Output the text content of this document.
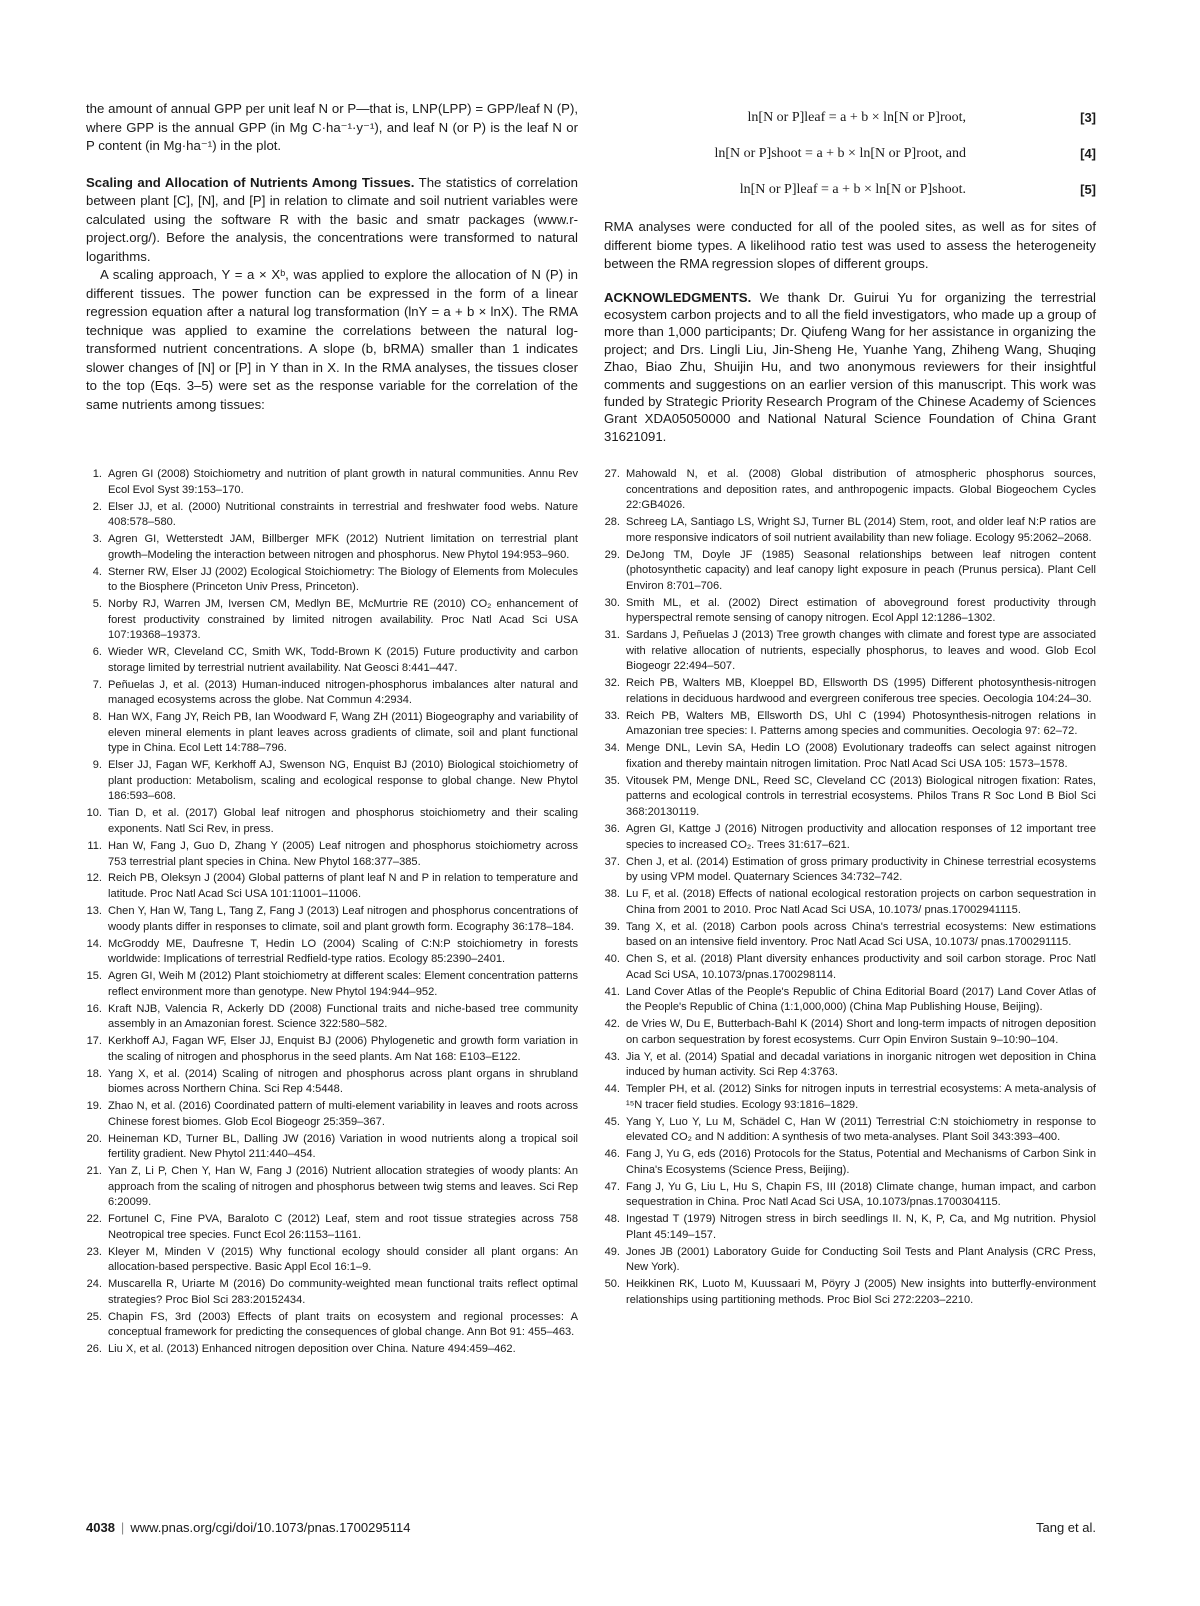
the amount of annual GPP per unit leaf N or P—that is, LNP(LPP) = GPP/leaf N (P), where GPP is the annual GPP (in Mg C·ha⁻¹·y⁻¹), and leaf N (or P) is the leaf N or P content (in Mg·ha⁻¹) in the plot.

Scaling and Allocation of Nutrients Among Tissues. The statistics of correlation between plant [C], [N], and [P] in relation to climate and soil nutrient variables were calculated using the software R with the basic and smatr packages (www.r-project.org/). Before the analysis, the concentrations were transformed to natural logarithms.

A scaling approach, Y = a × Xᵇ, was applied to explore the allocation of N (P) in different tissues. The power function can be expressed in the form of a linear regression equation after a natural log transformation (lnY = a + b × lnX). The RMA technique was applied to examine the correlations between the natural log-transformed nutrient concentrations. A slope (b, bRMA) smaller than 1 indicates slower changes of [N] or [P] in Y than in X. In the RMA analyses, the tissues closer to the top (Eqs. 3–5) were set as the response variable for the correlation of the same nutrients among tissues:

ln[N or P]leaf = a + b × ln[N or P]root,	[3]
ln[N or P]shoot = a + b × ln[N or P]root, and	[4]
ln[N or P]leaf = a + b × ln[N or P]shoot.	[5]

RMA analyses were conducted for all of the pooled sites, as well as for sites of different biome types. A likelihood ratio test was used to assess the heterogeneity between the RMA regression slopes of different groups.

ACKNOWLEDGMENTS. We thank Dr. Guirui Yu for organizing the terrestrial ecosystem carbon projects and to all the field investigators, who made up a group of more than 1,000 participants; Dr. Qiufeng Wang for her assistance in organizing the project; and Drs. Lingli Liu, Jin-Sheng He, Yuanhe Yang, Zhiheng Wang, Shuqing Zhao, Biao Zhu, Shuijin Hu, and two anonymous reviewers for their insightful comments and suggestions on an earlier version of this manuscript. This work was funded by Strategic Priority Research Program of the Chinese Academy of Sciences Grant XDA05050000 and National Natural Science Foundation of China Grant 31621091.

1. Agren GI (2008) Stoichiometry and nutrition of plant growth in natural communities. Annu Rev Ecol Evol Syst 39:153–170.
2. Elser JJ, et al. (2000) Nutritional constraints in terrestrial and freshwater food webs. Nature 408:578–580.
3. Agren GI, Wetterstedt JAM, Billberger MFK (2012) Nutrient limitation on terrestrial plant growth–Modeling the interaction between nitrogen and phosphorus. New Phytol 194:953–960.
4. Sterner RW, Elser JJ (2002) Ecological Stoichiometry: The Biology of Elements from Molecules to the Biosphere (Princeton Univ Press, Princeton).
5. Norby RJ, Warren JM, Iversen CM, Medlyn BE, McMurtrie RE (2010) CO₂ enhancement of forest productivity constrained by limited nitrogen availability. Proc Natl Acad Sci USA 107:19368–19373.
6. Wieder WR, Cleveland CC, Smith WK, Todd-Brown K (2015) Future productivity and carbon storage limited by terrestrial nutrient availability. Nat Geosci 8:441–447.
7. Peñuelas J, et al. (2013) Human-induced nitrogen-phosphorus imbalances alter natural and managed ecosystems across the globe. Nat Commun 4:2934.
8. Han WX, Fang JY, Reich PB, Ian Woodward F, Wang ZH (2011) Biogeography and variability of eleven mineral elements in plant leaves across gradients of climate, soil and plant functional type in China. Ecol Lett 14:788–796.
9. Elser JJ, Fagan WF, Kerkhoff AJ, Swenson NG, Enquist BJ (2010) Biological stoichiometry of plant production: Metabolism, scaling and ecological response to global change. New Phytol 186:593–608.
10. Tian D, et al. (2017) Global leaf nitrogen and phosphorus stoichiometry and their scaling exponents. Natl Sci Rev, in press.
11. Han W, Fang J, Guo D, Zhang Y (2005) Leaf nitrogen and phosphorus stoichiometry across 753 terrestrial plant species in China. New Phytol 168:377–385.
12. Reich PB, Oleksyn J (2004) Global patterns of plant leaf N and P in relation to temperature and latitude. Proc Natl Acad Sci USA 101:11001–11006.
13. Chen Y, Han W, Tang L, Tang Z, Fang J (2013) Leaf nitrogen and phosphorus concentrations of woody plants differ in responses to climate, soil and plant growth form. Ecography 36:178–184.
14. McGroddy ME, Daufresne T, Hedin LO (2004) Scaling of C:N:P stoichiometry in forests worldwide: Implications of terrestrial Redfield-type ratios. Ecology 85:2390–2401.
15. Agren GI, Weih M (2012) Plant stoichiometry at different scales: Element concentration patterns reflect environment more than genotype. New Phytol 194:944–952.
16. Kraft NJB, Valencia R, Ackerly DD (2008) Functional traits and niche-based tree community assembly in an Amazonian forest. Science 322:580–582.
17. Kerkhoff AJ, Fagan WF, Elser JJ, Enquist BJ (2006) Phylogenetic and growth form variation in the scaling of nitrogen and phosphorus in the seed plants. Am Nat 168: E103–E122.
18. Yang X, et al. (2014) Scaling of nitrogen and phosphorus across plant organs in shrubland biomes across Northern China. Sci Rep 4:5448.
19. Zhao N, et al. (2016) Coordinated pattern of multi-element variability in leaves and roots across Chinese forest biomes. Glob Ecol Biogeogr 25:359–367.
20. Heineman KD, Turner BL, Dalling JW (2016) Variation in wood nutrients along a tropical soil fertility gradient. New Phytol 211:440–454.
21. Yan Z, Li P, Chen Y, Han W, Fang J (2016) Nutrient allocation strategies of woody plants: An approach from the scaling of nitrogen and phosphorus between twig stems and leaves. Sci Rep 6:20099.
22. Fortunel C, Fine PVA, Baraloto C (2012) Leaf, stem and root tissue strategies across 758 Neotropical tree species. Funct Ecol 26:1153–1161.
23. Kleyer M, Minden V (2015) Why functional ecology should consider all plant organs: An allocation-based perspective. Basic Appl Ecol 16:1–9.
24. Muscarella R, Uriarte M (2016) Do community-weighted mean functional traits reflect optimal strategies? Proc Biol Sci 283:20152434.
25. Chapin FS, 3rd (2003) Effects of plant traits on ecosystem and regional processes: A conceptual framework for predicting the consequences of global change. Ann Bot 91: 455–463.
26. Liu X, et al. (2013) Enhanced nitrogen deposition over China. Nature 494:459–462.
27. Mahowald N, et al. (2008) Global distribution of atmospheric phosphorus sources, concentrations and deposition rates, and anthropogenic impacts. Global Biogeochem Cycles 22:GB4026.
28. Schreeg LA, Santiago LS, Wright SJ, Turner BL (2014) Stem, root, and older leaf N:P ratios are more responsive indicators of soil nutrient availability than new foliage. Ecology 95:2062–2068.
29. DeJong TM, Doyle JF (1985) Seasonal relationships between leaf nitrogen content (photosynthetic capacity) and leaf canopy light exposure in peach (Prunus persica). Plant Cell Environ 8:701–706.
30. Smith ML, et al. (2002) Direct estimation of aboveground forest productivity through hyperspectral remote sensing of canopy nitrogen. Ecol Appl 12:1286–1302.
31. Sardans J, Peñuelas J (2013) Tree growth changes with climate and forest type are associated with relative allocation of nutrients, especially phosphorus, to leaves and wood. Glob Ecol Biogeogr 22:494–507.
32. Reich PB, Walters MB, Kloeppel BD, Ellsworth DS (1995) Different photosynthesis-nitrogen relations in deciduous hardwood and evergreen coniferous tree species. Oecologia 104:24–30.
33. Reich PB, Walters MB, Ellsworth DS, Uhl C (1994) Photosynthesis-nitrogen relations in Amazonian tree species: I. Patterns among species and communities. Oecologia 97: 62–72.
34. Menge DNL, Levin SA, Hedin LO (2008) Evolutionary tradeoffs can select against nitrogen fixation and thereby maintain nitrogen limitation. Proc Natl Acad Sci USA 105: 1573–1578.
35. Vitousek PM, Menge DNL, Reed SC, Cleveland CC (2013) Biological nitrogen fixation: Rates, patterns and ecological controls in terrestrial ecosystems. Philos Trans R Soc Lond B Biol Sci 368:20130119.
36. Agren GI, Kattge J (2016) Nitrogen productivity and allocation responses of 12 important tree species to increased CO₂. Trees 31:617–621.
37. Chen J, et al. (2014) Estimation of gross primary productivity in Chinese terrestrial ecosystems by using VPM model. Quaternary Sciences 34:732–742.
38. Lu F, et al. (2018) Effects of national ecological restoration projects on carbon sequestration in China from 2001 to 2010. Proc Natl Acad Sci USA, 10.1073/ pnas.17002941115.
39. Tang X, et al. (2018) Carbon pools across China's terrestrial ecosystems: New estimations based on an intensive field inventory. Proc Natl Acad Sci USA, 10.1073/ pnas.1700291115.
40. Chen S, et al. (2018) Plant diversity enhances productivity and soil carbon storage. Proc Natl Acad Sci USA, 10.1073/pnas.1700298114.
41. Land Cover Atlas of the People's Republic of China Editorial Board (2017) Land Cover Atlas of the People's Republic of China (1:1,000,000) (China Map Publishing House, Beijing).
42. de Vries W, Du E, Butterbach-Bahl K (2014) Short and long-term impacts of nitrogen deposition on carbon sequestration by forest ecosystems. Curr Opin Environ Sustain 9–10:90–104.
43. Jia Y, et al. (2014) Spatial and decadal variations in inorganic nitrogen wet deposition in China induced by human activity. Sci Rep 4:3763.
44. Templer PH, et al. (2012) Sinks for nitrogen inputs in terrestrial ecosystems: A meta-analysis of ¹⁵N tracer field studies. Ecology 93:1816–1829.
45. Yang Y, Luo Y, Lu M, Schädel C, Han W (2011) Terrestrial C:N stoichiometry in response to elevated CO₂ and N addition: A synthesis of two meta-analyses. Plant Soil 343:393–400.
46. Fang J, Yu G, eds (2016) Protocols for the Status, Potential and Mechanisms of Carbon Sink in China's Ecosystems (Science Press, Beijing).
47. Fang J, Yu G, Liu L, Hu S, Chapin FS, III (2018) Climate change, human impact, and carbon sequestration in China. Proc Natl Acad Sci USA, 10.1073/pnas.1700304115.
48. Ingestad T (1979) Nitrogen stress in birch seedlings II. N, K, P, Ca, and Mg nutrition. Physiol Plant 45:149–157.
49. Jones JB (2001) Laboratory Guide for Conducting Soil Tests and Plant Analysis (CRC Press, New York).
50. Heikkinen RK, Luoto M, Kuussaari M, Pöyry J (2005) New insights into butterfly-environment relationships using partitioning methods. Proc Biol Sci 272:2203–2210.
4038 | www.pnas.org/cgi/doi/10.1073/pnas.1700295114	Tang et al.
